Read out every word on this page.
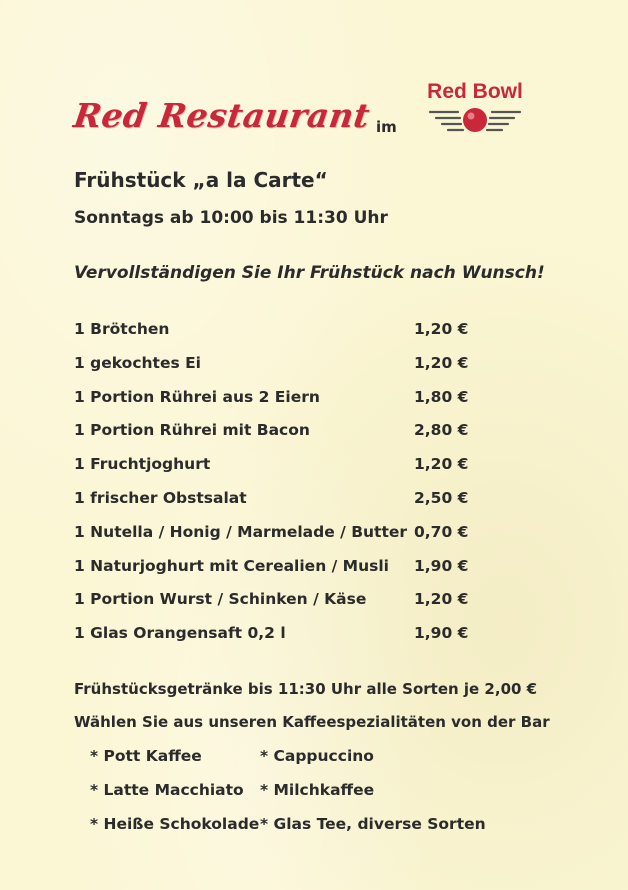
Red Restaurant im
Red Bowl
Frühstück „a la Carte“
Sonntags ab 10:00 bis 11:30 Uhr
Vervollständigen Sie Ihr Frühstück nach Wunsch!
1 Brötchen	1,20 €
1 gekochtes Ei	1,20 €
1 Portion Rührei aus 2 Eiern	1,80 €
1 Portion Rührei mit Bacon	2,80 €
1 Fruchtjoghurt	1,20 €
1 frischer Obstsalat	2,50 €
1 Nutella / Honig / Marmelade / Butter 0,70 €
1 Naturjoghurt mit Cerealien / Musli 1,90 €
1 Portion Wurst / Schinken / Käse	1,20 €
1 Glas Orangensaft 0,2 l	1,90 €
Frühstücksgetränke bis 11:30 Uhr alle Sorten je 2,00 €
Wählen Sie aus unseren Kaffeespezialitäten von der Bar
* Pott Kaffee	* Cappuccino
* Latte Macchiato * Milchkaffee
* Heiße Schokolade * Glas Tee, diverse Sorten
